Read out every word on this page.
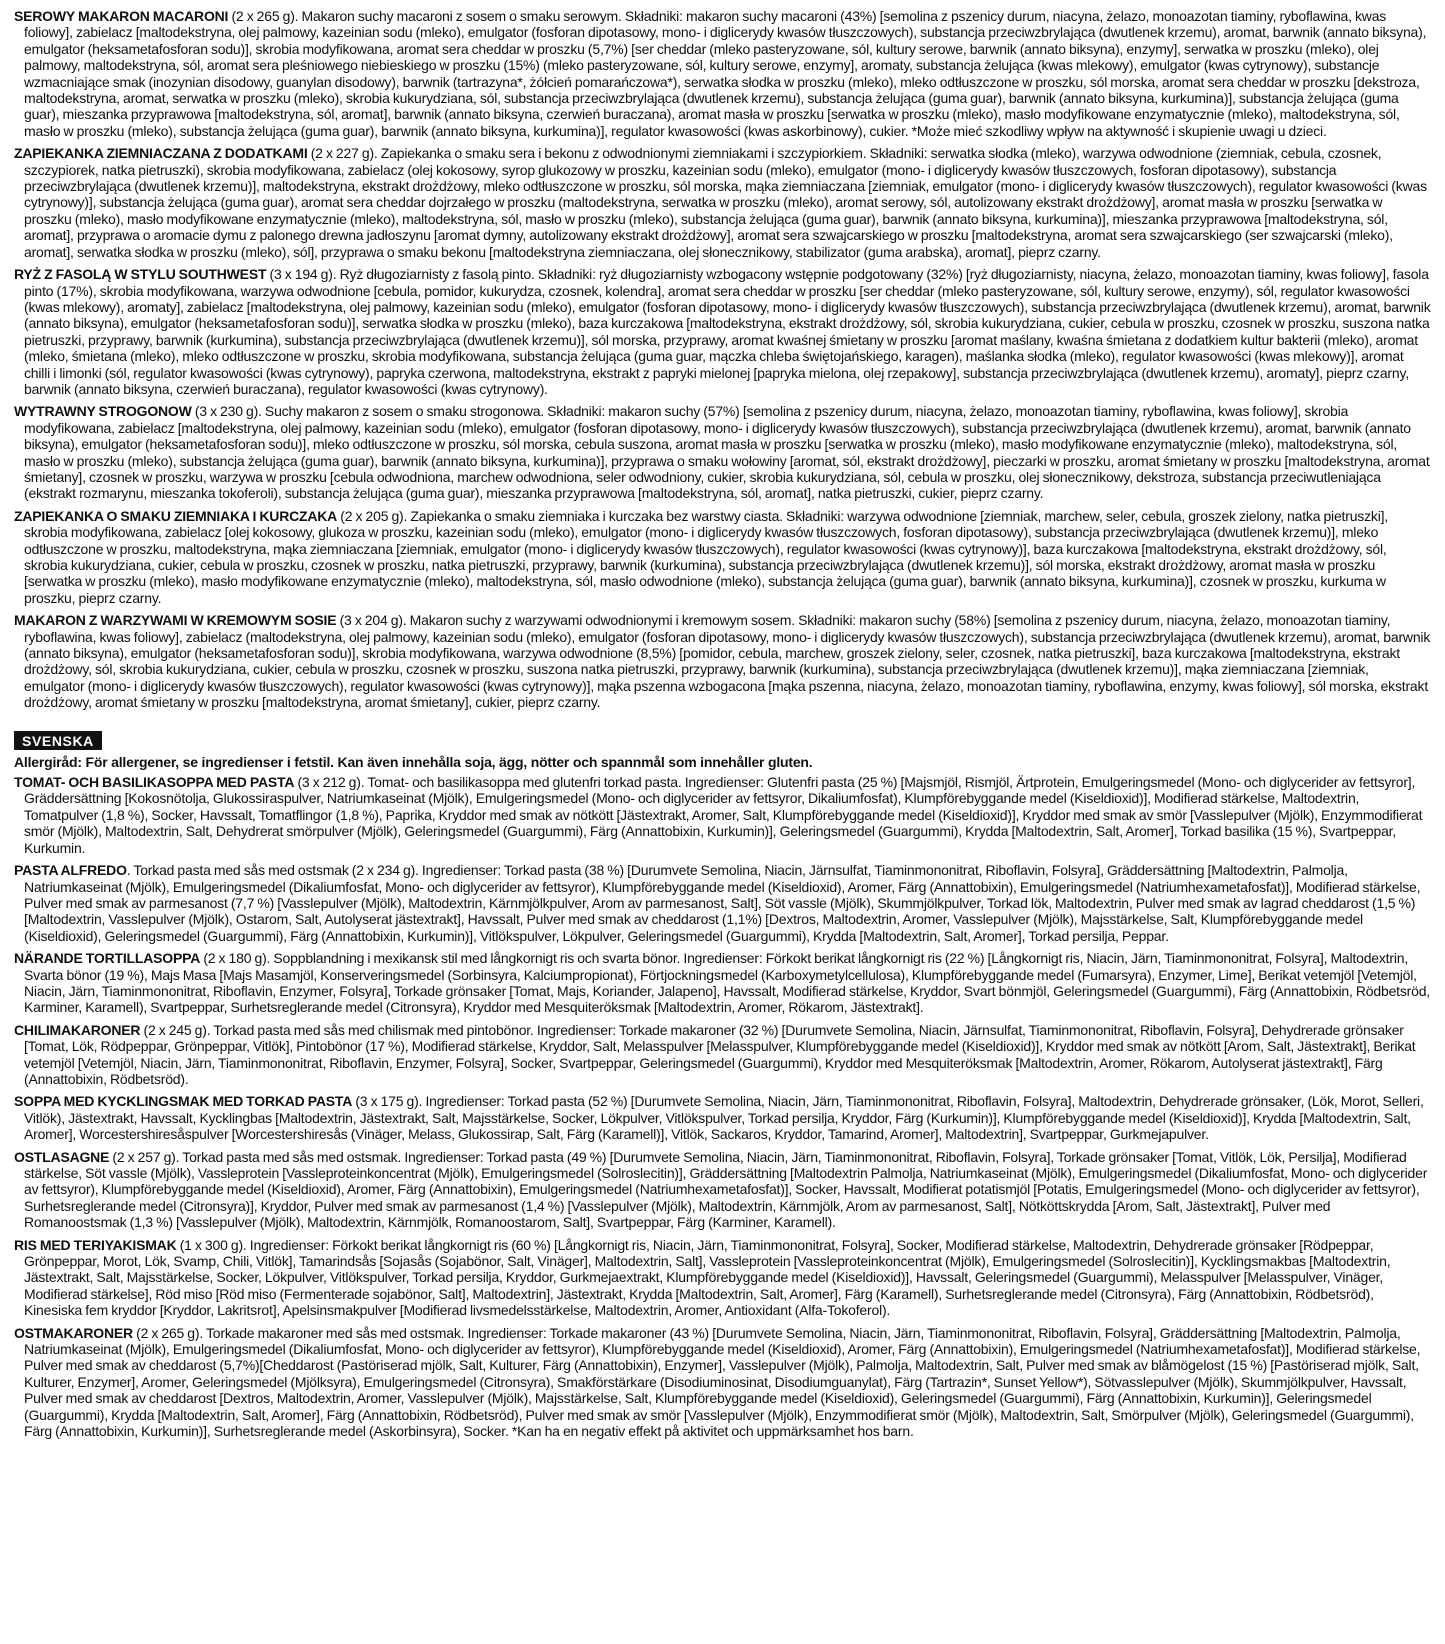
SEROWY MAKARON MACARONI (2 x 265 g). Makaron suchy macaroni z sosem o smaku serowym. Składniki: makaron suchy macaroni (43%) [semolina z pszenicy durum, niacyna, żelazo, monoazotan tiaminy, ryboflawina, kwas foliowy], zabielacz [maltodekstryna, olej palmowy, kazeinian sodu (mleko), emulgator (fosforan dipotasowy, mono- i diglicerydy kwasów tłuszczowych), substancja przeciwzbrylająca (dwutlenek krzemu), aromat, barwnik (annato biksyna), emulgator (heksametafosforan sodu)], skrobia modyfikowana, aromat sera cheddar w proszku (5,7%) [ser cheddar (mleko pasteryzowane, sól, kultury serowe, barwnik (annato biksyna), enzymy], serwatka w proszku (mleko), olej palmowy, maltodekstryna, sól, aromat sera pleśniowego niebieskiego w proszku (15%) (mleko pasteryzowane, sól, kultury serowe, enzymy], aromaty, substancja żelująca (kwas mlekowy), emulgator (kwas cytrynowy), substancje wzmacniające smak (inozynian disodowy, guanylan disodowy), barwnik (tartrazyna*, żółcień pomarańczowa*), serwatka słodka w proszku (mleko), mleko odtłuszczone w proszku, sól morska, aromat sera cheddar w proszku [dekstroza, maltodekstryna, aromat, serwatka w proszku (mleko), skrobia kukurydziana, sól, substancja przeciwzbrylająca (dwutlenek krzemu), substancja żelująca (guma guar), barwnik (annato biksyna, kurkumina)], substancja żelująca (guma guar), mieszanka przyprawowa [maltodekstryna, sól, aromat], barwnik (annato biksyna, czerwień buraczana), aromat masła w proszku [serwatka w proszku (mleko), masło modyfikowane enzymatycznie (mleko), maltodekstryna, sól, masło w proszku (mleko), substancja żelująca (guma guar), barwnik (annato biksyna, kurkumina)], regulator kwasowości (kwas askorbinowy), cukier. *Może mieć szkodliwy wpływ na aktywność i skupienie uwagi u dzieci.

ZAPIEKANKA ZIEMNIACZANA Z DODATKAMI (2 x 227 g). Zapiekanka o smaku sera i bekonu z odwodnionymi ziemniakami i szczypiorkiem. Składniki: serwatka słodka (mleko), warzywa odwodnione (ziemniak, cebula, czosnek, szczypiorek, natka pietruszki), skrobia modyfikowana, zabielacz (olej kokosowy, syrop glukozowy w proszku, kazeinian sodu (mleko), emulgator (mono- i diglicerydy kwasów tłuszczowych, fosforan dipotasowy), substancja przeciwzbrylająca (dwutlenek krzemu)], maltodekstryna, ekstrakt drożdżowy, mleko odtłuszczone w proszku, sól morska, mąka ziemniaczana [ziemniak, emulgator (mono- i diglicerydy kwasów tłuszczowych), regulator kwasowości (kwas cytrynowy)], substancja żelująca (guma guar), aromat sera cheddar dojrzałego w proszku (maltodekstryna, serwatka w proszku (mleko), aromat serowy, sól, autolizowany ekstrakt drożdżowy], aromat masła w proszku [serwatka w proszku (mleko), masło modyfikowane enzymatycznie (mleko), maltodekstryna, sól, masło w proszku (mleko), substancja żelująca (guma guar), barwnik (annato biksyna, kurkumina)], mieszanka przyprawowa [maltodekstryna, sól, aromat], przyprawa o aromacie dymu z palonego drewna jadłoszynu [aromat dymny, autolizowany ekstrakt drożdżowy], aromat sera szwajcarskiego w proszku [maltodekstryna, aromat sera szwajcarskiego (ser szwajcarski (mleko), aromat], serwatka słodka w proszku (mleko), sól], przyprawa o smaku bekonu [maltodekstryna ziemniaczana, olej słonecznikowy, stabilizator (guma arabska), aromat], pieprz czarny.

RYŻ Z FASOLĄ W STYLU SOUTHWEST (3 x 194 g). Ryż długoziarnisty z fasolą pinto. Składniki: ryż długoziarnisty wzbogacony wstępnie podgotowany (32%) [ryż długoziarnisty, niacyna, żelazo, monoazotan tiaminy, kwas foliowy], fasola pinto (17%), skrobia modyfikowana, warzywa odwodnione [cebula, pomidor, kukurydza, czosnek, kolendra], aromat sera cheddar w proszku [ser cheddar (mleko pasteryzowane, sól, kultury serowe, enzymy), sól, regulator kwasowości (kwas mlekowy), aromaty], zabielacz [maltodekstryna, olej palmowy, kazeinian sodu (mleko), emulgator (fosforan dipotasowy, mono- i diglicerydy kwasów tłuszczowych), substancja przeciwzbrylająca (dwutlenek krzemu), aromat, barwnik (annato biksyna), emulgator (heksametafosforan sodu)], serwatka słodka w proszku (mleko), baza kurczakowa [maltodekstryna, ekstrakt drożdżowy, sól, skrobia kukurydziana, cukier, cebula w proszku, czosnek w proszku, suszona natka pietruszki, przyprawy, barwnik (kurkumina), substancja przeciwzbrylająca (dwutlenek krzemu)], sól morska, przyprawy, aromat kwaśnej śmietany w proszku [aromat maślany, kwaśna śmietana z dodatkiem kultur bakterii (mleko), aromat (mleko, śmietana (mleko), mleko odtłuszczone w proszku, skrobia modyfikowana, substancja żelująca (guma guar, mączka chleba świętojańskiego, karagen), maślanka słodka (mleko), regulator kwasowości (kwas mlekowy)], aromat chilli i limonki (sól, regulator kwasowości (kwas cytrynowy), papryka czerwona, maltodekstryna, ekstrakt z papryki mielonej [papryka mielona, olej rzepakowy], substancja przeciwzbrylająca (dwutlenek krzemu), aromaty], pieprz czarny, barwnik (annato biksyna, czerwień buraczana), regulator kwasowości (kwas cytrynowy).

WYTRAWNY STROGONOW (3 x 230 g). Suchy makaron z sosem o smaku strogonowa. Składniki: makaron suchy (57%) [semolina z pszenicy durum, niacyna, żelazo, monoazotan tiaminy, ryboflawina, kwas foliowy], skrobia modyfikowana, zabielacz [maltodekstryna, olej palmowy, kazeinian sodu (mleko), emulgator (fosforan dipotasowy, mono- i diglicerydy kwasów tłuszczowych), substancja przeciwzbrylająca (dwutlenek krzemu), aromat, barwnik (annato biksyna), emulgator (heksametafosforan sodu)], mleko odtłuszczone w proszku, sól morska, cebula suszona, aromat masła w proszku [serwatka w proszku (mleko), masło modyfikowane enzymatycznie (mleko), maltodekstryna, sól, masło w proszku (mleko), substancja żelująca (guma guar), barwnik (annato biksyna, kurkumina)], przyprawa o smaku wołowiny [aromat, sól, ekstrakt drożdżowy], pieczarki w proszku, aromat śmietany w proszku [maltodekstryna, aromat śmietany], czosnek w proszku, warzywa w proszku [cebula odwodniona, marchew odwodniona, seler odwodniony, cukier, skrobia kukurydziana, sól, cebula w proszku, olej słonecznikowy, dekstroza, substancja przeciwutleniająca (ekstrakt rozmarynu, mieszanka tokoferoli), substancja żelująca (guma guar), mieszanka przyprawowa [maltodekstryna, sól, aromat], natka pietruszki, cukier, pieprz czarny.

ZAPIEKANKA O SMAKU ZIEMNIAKA I KURCZAKA (2 x 205 g). Zapiekanka o smaku ziemniaka i kurczaka bez warstwy ciasta. Składniki: warzywa odwodnione [ziemniak, marchew, seler, cebula, groszek zielony, natka pietruszki], skrobia modyfikowana, zabielacz [olej kokosowy, glukoza w proszku, kazeinian sodu (mleko), emulgator (mono- i diglicerydy kwasów tłuszczowych, fosforan dipotasowy), substancja przeciwzbrylająca (dwutlenek krzemu)], mleko odtłuszczone w proszku, maltodekstryna, mąka ziemniaczana [ziemniak, emulgator (mono- i diglicerydy kwasów tłuszczowych), regulator kwasowości (kwas cytrynowy)], baza kurczakowa [maltodekstryna, ekstrakt drożdżowy, sól, skrobia kukurydziana, cukier, cebula w proszku, czosnek w proszku, natka pietruszki, przyprawy, barwnik (kurkumina), substancja przeciwzbrylająca (dwutlenek krzemu)], sól morska, ekstrakt drożdżowy, aromat masła w proszku [serwatka w proszku (mleko), masło modyfikowane enzymatycznie (mleko), maltodekstryna, sól, masło odwodnione (mleko), substancja żelująca (guma guar), barwnik (annato biksyna, kurkumina)], czosnek w proszku, kurkuma w proszku, pieprz czarny.

MAKARON Z WARZYWAMI W KREMOWYM SOSIE (3 x 204 g). Makaron suchy z warzywami odwodnionymi i kremowym sosem. Składniki: makaron suchy (58%) [semolina z pszenicy durum, niacyna, żelazo, monoazotan tiaminy, ryboflawina, kwas foliowy], zabielacz (maltodekstryna, olej palmowy, kazeinian sodu (mleko), emulgator (fosforan dipotasowy, mono- i diglicerydy kwasów tłuszczowych), substancja przeciwzbrylająca (dwutlenek krzemu), aromat, barwnik (annato biksyna), emulgator (heksametafosforan sodu)], skrobia modyfikowana, warzywa odwodnione (8,5%) [pomidor, cebula, marchew, groszek zielony, seler, czosnek, natka pietruszki], baza kurczakowa [maltodekstryna, ekstrakt drożdżowy, sól, skrobia kukurydziana, cukier, cebula w proszku, czosnek w proszku, suszona natka pietruszki, przyprawy, barwnik (kurkumina), substancja przeciwzbrylająca (dwutlenek krzemu)], mąka ziemniaczana [ziemniak, emulgator (mono- i diglicerydy kwasów tłuszczowych), regulator kwasowości (kwas cytrynowy)], mąka pszenna wzbogacona [mąka pszenna, niacyna, żelazo, monoazotan tiaminy, ryboflawina, enzymy, kwas foliowy], sól morska, ekstrakt drożdżowy, aromat śmietany w proszku [maltodekstryna, aromat śmietany], cukier, pieprz czarny.

SVENSKA

Allergiråd: För allergener, se ingredienser i fetstil. Kan även innehålla soja, ägg, nötter och spannmål som innehåller gluten.

TOMAT- OCH BASILIKASOPPA MED PASTA (3 x 212 g). Tomat- och basilikasoppa med glutenfri torkad pasta. Ingredienser: Glutenfri pasta (25 %) [Majsmjöl, Rismjöl, Ärtprotein, Emulgeringsmedel (Mono- och diglycerider av fettsyror], Gräddersättning [Kokosnötolja, Glukossiraspulver, Natriumkaseinat (Mjölk), Emulgeringsmedel (Mono- och diglycerider av fettsyror, Dikaliumfosfat), Klumpförebyggande medel (Kiseldioxid)], Modifierad stärkelse, Maltodextrin, Tomatpulver (1,8 %), Socker, Havssalt, Tomatflingor (1,8 %), Paprika, Kryddor med smak av nötkött [Jästextrakt, Aromer, Salt, Klumpförebyggande medel (Kiseldioxid)], Kryddor med smak av smör [Vasslepulver (Mjölk), Enzymmodifierat smör (Mjölk), Maltodextrin, Salt, Dehydrerat smörpulver (Mjölk), Geleringsmedel (Guargummi), Färg (Annattobixin, Kurkumin)], Geleringsmedel (Guargummi), Krydda [Maltodextrin, Salt, Aromer], Torkad basilika (15 %), Svartpeppar, Kurkumin.

PASTA ALFREDO. Torkad pasta med sås med ostsmak (2 x 234 g). Ingredienser: Torkad pasta (38 %) [Durumvete Semolina, Niacin, Järnsulfat, Tiaminmononitrat, Riboflavin, Folsyra], Gräddersättning [Maltodextrin, Palmolja, Natriumkaseinat (Mjölk), Emulgeringsmedel (Dikaliumfosfat, Mono- och diglycerider av fettsyror), Klumpförebyggande medel (Kiseldioxid), Aromer, Färg (Annattobixin), Emulgeringsmedel (Natriumhexametafosfat)], Modifierad stärkelse, Pulver med smak av parmesanost (7,7 %) [Vasslepulver (Mjölk), Maltodextrin, Kärnmjölkpulver, Arom av parmesanost, Salt], Söt vassle (Mjölk), Skummjölkpulver, Torkad lök, Maltodextrin, Pulver med smak av lagrad cheddarost (1,5 %) [Maltodextrin, Vasslepulver (Mjölk), Ostarom, Salt, Autolyserat jästextrakt], Havssalt, Pulver med smak av cheddarost (1,1%) [Dextros, Maltodextrin, Aromer, Vasslepulver (Mjölk), Majsstärkelse, Salt, Klumpförebyggande medel (Kiseldioxid), Geleringsmedel (Guargummi), Färg (Annattobixin, Kurkumin)], Vitlökspulver, Lökpulver, Geleringsmedel (Guargummi), Krydda [Maltodextrin, Salt, Aromer], Torkad persilja, Peppar.

NÄRANDE TORTILLASOPPA (2 x 180 g). Soppblandning i mexikansk stil med långkornigt ris och svarta bönor. Ingredienser: Förkokt berikat långkornigt ris (22 %) [Långkornigt ris, Niacin, Järn, Tiaminmononitrat, Folsyra], Maltodextrin, Svarta bönor (19 %), Majs Masa [Majs Masamjöl, Konserveringsmedel (Sorbinsyra, Kalciumpropionat), Förtjockningsmedel (Karboxymetylcellulosa), Klumpförebyggande medel (Fumarsyra), Enzymer, Lime], Berikat vetemjöl [Vetemjöl, Niacin, Järn, Tiaminmononitrat, Riboflavin, Enzymer, Folsyra], Torkade grönsaker [Tomat, Majs, Koriander, Jalapeno], Havssalt, Modifierad stärkelse, Kryddor, Svart bönmjöl, Geleringsmedel (Guargummi), Färg (Annattobixin, Rödbetsröd, Karminer, Karamell), Svartpeppar, Surhetsreglerande medel (Citronsyra), Kryddor med Mesquiteröksmak [Maltodextrin, Aromer, Rökarom, Jästextrakt].

CHILIMAKARONER (2 x 245 g). Torkad pasta med sås med chilismak med pintobönor. Ingredienser: Torkade makaroner (32 %) [Durumvete Semolina, Niacin, Järnsulfat, Tiaminmononitrat, Riboflavin, Folsyra], Dehydrerade grönsaker [Tomat, Lök, Rödpeppar, Grönpeppar, Vitlök], Pintobönor (17 %), Modifierad stärkelse, Kryddor, Salt, Melasspulver [Melasspulver, Klumpförebyggande medel (Kiseldioxid)], Kryddor med smak av nötkött [Arom, Salt, Jästextrakt], Berikat vetemjöl [Vetemjöl, Niacin, Järn, Tiaminmononitrat, Riboflavin, Enzymer, Folsyra], Socker, Svartpeppar, Geleringsmedel (Guargummi), Kryddor med Mesquiteröksmak [Maltodextrin, Aromer, Rökarom, Autolyserat jästextrakt], Färg (Annattobixin, Rödbetsröd).

SOPPA MED KYCKLINGSMAK MED TORKAD PASTA (3 x 175 g). Ingredienser: Torkad pasta (52 %) [Durumvete Semolina, Niacin, Järn, Tiaminmononitrat, Riboflavin, Folsyra], Maltodextrin, Dehydrerade grönsaker, (Lök, Morot, Selleri, Vitlök), Jästextrakt, Havssalt, Kycklingbas [Maltodextrin, Jästextrakt, Salt, Majsstärkelse, Socker, Lökpulver, Vitlökspulver, Torkad persilja, Kryddor, Färg (Kurkumin)], Klumpförebyggande medel (Kiseldioxid)], Krydda [Maltodextrin, Salt, Aromer], Worcestershiresåspulver [Worcestershiresås (Vinäger, Melass, Glukossirap, Salt, Färg (Karamell)], Vitlök, Sackaros, Kryddor, Tamarind, Aromer], Maltodextrin], Svartpeppar, Gurkmejapulver.

OSTLASAGNE (2 x 257 g). Torkad pasta med sås med ostsmak. Ingredienser: Torkad pasta (49 %) [Durumvete Semolina, Niacin, Järn, Tiaminmononitrat, Riboflavin, Folsyra], Torkade grönsaker [Tomat, Vitlök, Lök, Persilja], Modifierad stärkelse, Söt vassle (Mjölk), Vassleprotein [Vassleproteinkoncentrat (Mjölk), Emulgeringsmedel (Solroslecitin)], Gräddersättning [Maltodextrin Palmolja, Natriumkaseinat (Mjölk), Emulgeringsmedel (Dikaliumfosfat, Mono- och diglycerider av fettsyror), Klumpförebyggande medel (Kiseldioxid), Aromer, Färg (Annattobixin), Emulgeringsmedel (Natriumhexametafosfat)], Socker, Havssalt, Modifierat potatismjöl [Potatis, Emulgeringsmedel (Mono- och diglycerider av fettsyror), Surhetsreglerande medel (Citronsyra)], Kryddor, Pulver med smak av parmesanost (1,4 %) [Vasslepulver (Mjölk), Maltodextrin, Kärnmjölk, Arom av parmesanost, Salt], Nötköttskrydda [Arom, Salt, Jästextrakt], Pulver med Romanoostsmak (1,3 %) [Vasslepulver (Mjölk), Maltodextrin, Kärnmjölk, Romanoostarom, Salt], Svartpeppar, Färg (Karminer, Karamell).

RIS MED TERIYAKISMAK (1 x 300 g). Ingredienser: Förkokt berikat långkornigt ris (60 %) [Långkornigt ris, Niacin, Järn, Tiaminmononitrat, Folsyra], Socker, Modifierad stärkelse, Maltodextrin, Dehydrerade grönsaker [Rödpeppar, Grönpeppar, Morot, Lök, Svamp, Chili, Vitlök], Tamarindsås [Sojasås (Sojabönor, Salt, Vinäger], Maltodextrin, Salt], Vassleprotein [Vassleproteinkoncentrat (Mjölk), Emulgeringsmedel (Solroslecitin)], Kycklingsmakbas [Maltodextrin, Jästextrakt, Salt, Majsstärkelse, Socker, Lökpulver, Vitlökspulver, Torkad persilja, Kryddor, Gurkmejaextrakt, Klumpförebyggande medel (Kiseldioxid)], Havssalt, Geleringsmedel (Guargummi), Melasspulver [Melasspulver, Vinäger, Modifierad stärkelse], Röd miso [Röd miso (Fermenterade sojabönor, Salt], Maltodextrin], Jästextrakt, Krydda [Maltodextrin, Salt, Aromer], Färg (Karamell), Surhetsreglerande medel (Citronsyra), Färg (Annattobixin, Rödbetsröd), Kinesiska fem kryddor [Kryddor, Lakritsrot], Apelsinsmakpulver [Modifierad livsmedelsstärkelse, Maltodextrin, Aromer, Antioxidant (Alfa-Tokoferol).

OSTMAKARONER (2 x 265 g). Torkade makaroner med sås med ostsmak. Ingredienser: Torkade makaroner (43 %) [Durumvete Semolina, Niacin, Järn, Tiaminmononitrat, Riboflavin, Folsyra], Gräddersättning [Maltodextrin, Palmolja, Natriumkaseinat (Mjölk), Emulgeringsmedel (Dikaliumfosfat, Mono- och diglycerider av fettsyror), Klumpförebyggande medel (Kiseldioxid), Aromer, Färg (Annattobixin), Emulgeringsmedel (Natriumhexametafosfat)], Modifierad stärkelse, Pulver med smak av cheddarost (5,7%)[Cheddarost (Pastöriserad mjölk, Salt, Kulturer, Färg (Annattobixin), Enzymer], Vasslepulver (Mjölk), Palmolja, Maltodextrin, Salt, Pulver med smak av blåmögelost (15 %) [Pastöriserad mjölk, Salt, Kulturer, Enzymer], Aromer, Geleringsmedel (Mjölksyra), Emulgeringsmedel (Citronsyra), Smakförstärkare (Disodiuminosinat, Disodiumguanylat), Färg (Tartrazin*, Sunset Yellow*), Sötvasslepulver (Mjölk), Skummjölkpulver, Havssalt, Pulver med smak av cheddarost [Dextros, Maltodextrin, Aromer, Vasslepulver (Mjölk), Majsstärkelse, Salt, Klumpförebyggande medel (Kiseldioxid), Geleringsmedel (Guargummi), Färg (Annattobixin, Kurkumin)], Geleringsmedel (Guargummi), Krydda [Maltodextrin, Salt, Aromer], Färg (Annattobixin, Rödbetsröd), Pulver med smak av smör [Vasslepulver (Mjölk), Enzymmodifierat smör (Mjölk), Maltodextrin, Salt, Smörpulver (Mjölk), Geleringsmedel (Guargummi), Färg (Annattobixin, Kurkumin)], Surhetsreglerande medel (Askorbinsyra), Socker. *Kan ha en negativ effekt på aktivitet och uppmärksamhet hos barn.
